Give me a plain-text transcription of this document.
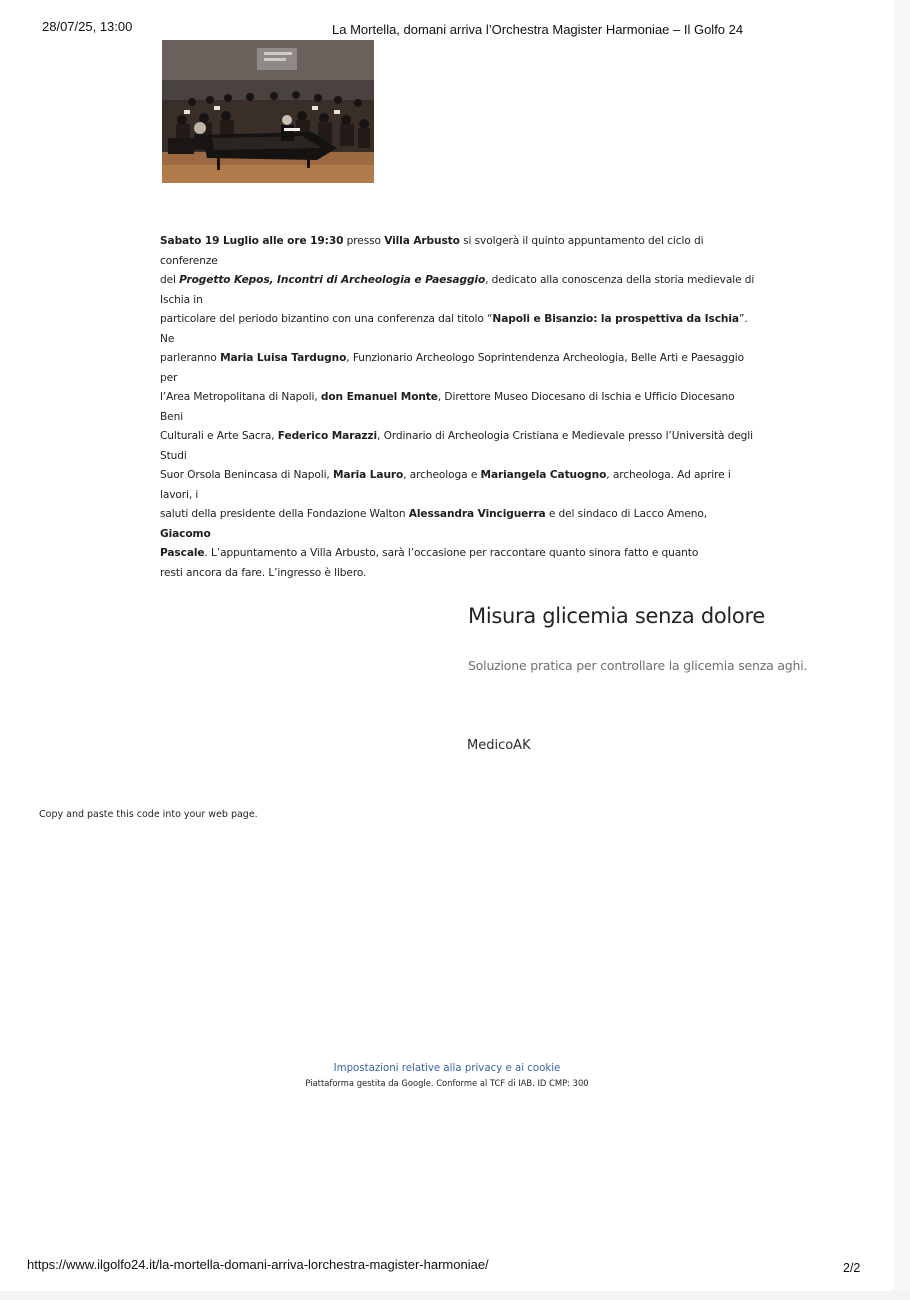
28/07/25, 13:00	La Mortella, domani arriva l’Orchestra Magister Harmoniae – Il Golfo 24

Sabato 19 Luglio alle ore 19:30 presso Villa Arbusto si svolgerà il quinto appuntamento del ciclo di conferenze
del Progetto Kepos, Incontri di Archeologia e Paesaggio, dedicato alla conoscenza della storia medievale di Ischia in
particolare del periodo bizantino con una conferenza dal titolo “Napoli e Bisanzio: la prospettiva da Ischia”. Ne
parleranno Maria Luisa Tardugno, Funzionario Archeologo Soprintendenza Archeologia, Belle Arti e Paesaggio per
l’Area Metropolitana di Napoli, don Emanuel Monte, Direttore Museo Diocesano di Ischia e Ufficio Diocesano Beni
Culturali e Arte Sacra, Federico Marazzi, Ordinario di Archeologia Cristiana e Medievale presso l’Università degli Studi
Suor Orsola Benincasa di Napoli, Maria Lauro, archeologa e Mariangela Catuogno, archeologa. Ad aprire i lavori, i
saluti della presidente della Fondazione Walton Alessandra Vinciguerra e del sindaco di Lacco Ameno, Giacomo
Pascale. L’appuntamento a Villa Arbusto, sarà l’occasione per raccontare quanto sinora fatto e quanto
resti ancora da fare. L’ingresso è libero.

Misura glicemia senza dolore
Soluzione pratica per controllare la glicemia senza aghi.
MedicoAK
Copy and paste this code into your web page.
Impostazioni relative alla privacy e ai cookie
Piattaforma gestita da Google. Conforme al TCF di IAB. ID CMP: 300
https://www.ilgolfo24.it/la-mortella-domani-arriva-lorchestra-magister-harmoniae/	2/2
